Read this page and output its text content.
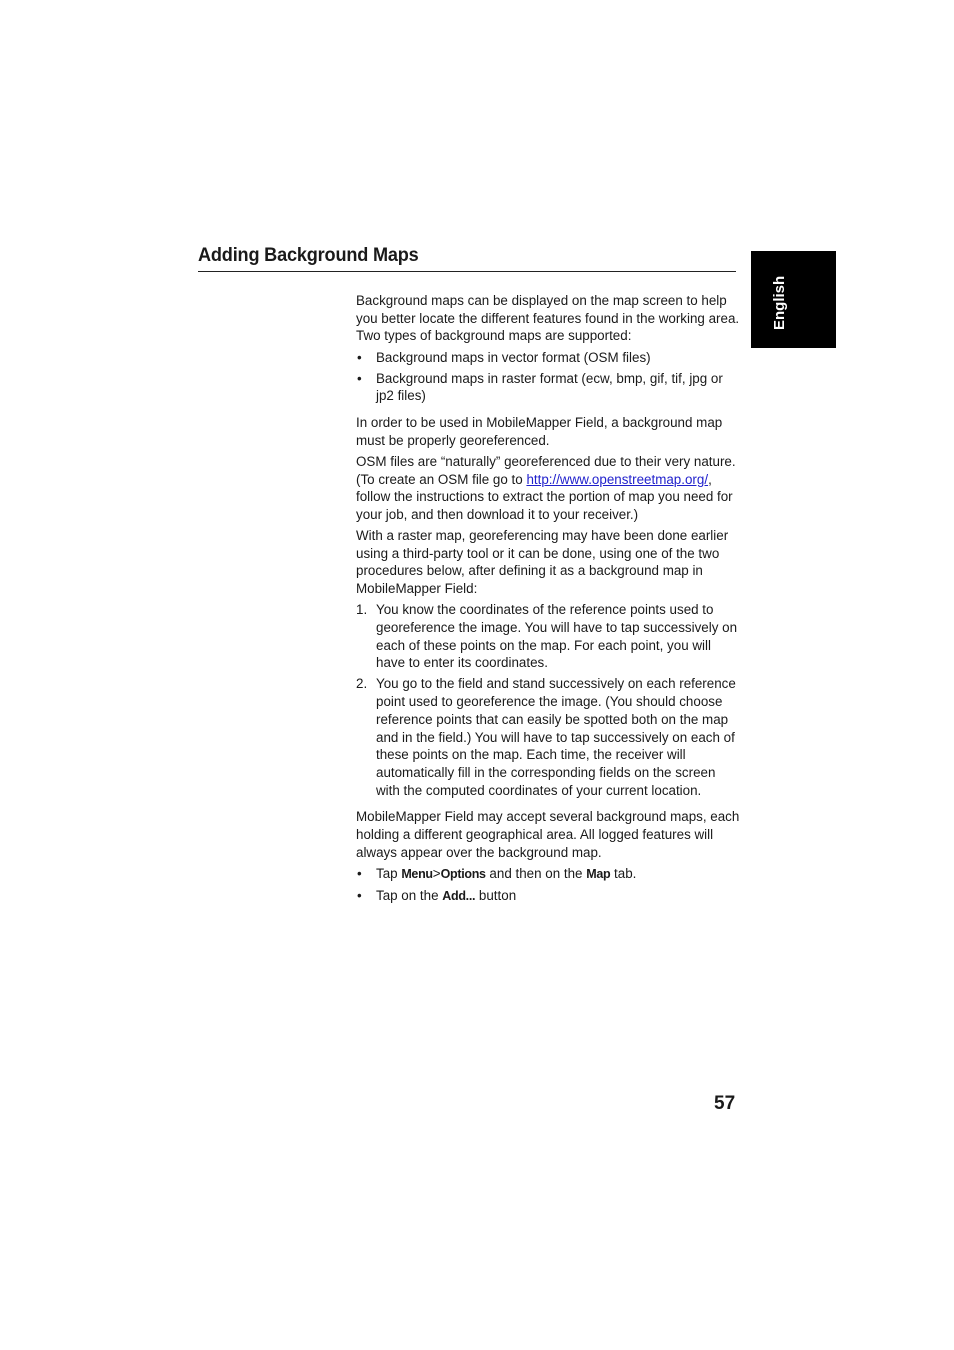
Adding Background Maps
English

Background maps can be displayed on the map screen to help you better locate the different features found in the working area. Two types of background maps are supported:

• Background maps in vector format (OSM files)
• Background maps in raster format (ecw, bmp, gif, tif, jpg or jp2 files)

In order to be used in MobileMapper Field, a background map must be properly georeferenced.

OSM files are “naturally” georeferenced due to their very nature. (To create an OSM file go to http://www.openstreetmap.org/, follow the instructions to extract the portion of map you need for your job, and then download it to your receiver.)

With a raster map, georeferencing may have been done earlier using a third-party tool or it can be done, using one of the two procedures below, after defining it as a background map in MobileMapper Field:

1. You know the coordinates of the reference points used to georeference the image. You will have to tap successively on each of these points on the map. For each point, you will have to enter its coordinates.
2. You go to the field and stand successively on each reference point used to georeference the image. (You should choose reference points that can easily be spotted both on the map and in the field.) You will have to tap successively on each of these points on the map. Each time, the receiver will automatically fill in the corresponding fields on the screen with the computed coordinates of your current location.

MobileMapper Field may accept several background maps, each holding a different geographical area. All logged features will always appear over the background map.

• Tap Menu>Options and then on the Map tab.
• Tap on the Add... button
57
